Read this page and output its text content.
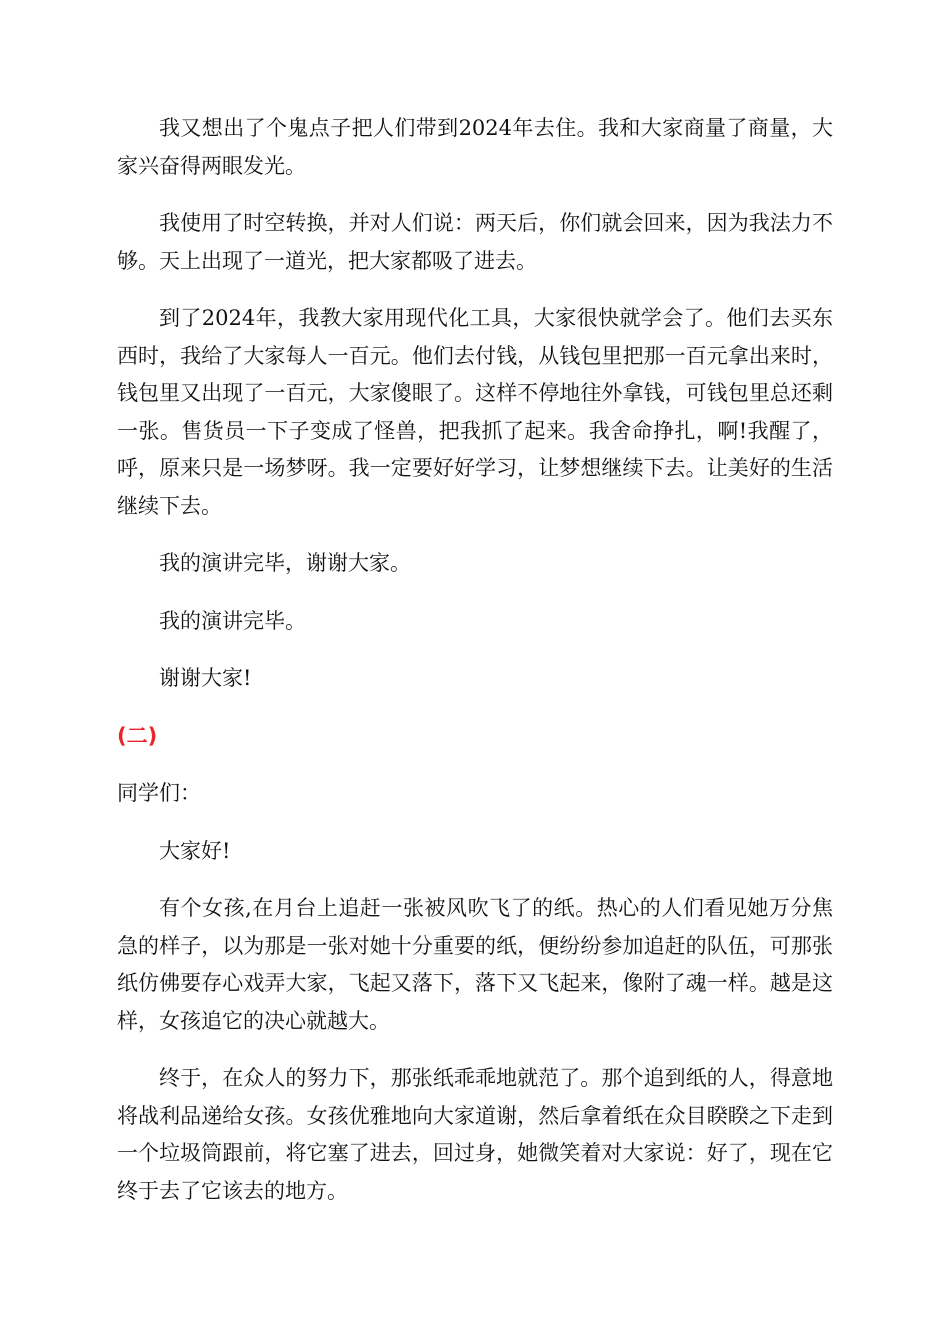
我又想出了个鬼点子把人们带到2024年去住。我和大家商量了商量，大家兴奋得两眼发光。

我使用了时空转换，并对人们说：两天后，你们就会回来，因为我法力不够。天上出现了一道光，把大家都吸了进去。

到了2024年，我教大家用现代化工具，大家很快就学会了。他们去买东西时，我给了大家每人一百元。他们去付钱，从钱包里把那一百元拿出来时，钱包里又出现了一百元，大家傻眼了。这样不停地往外拿钱，可钱包里总还剩一张。售货员一下子变成了怪兽，把我抓了起来。我舍命挣扎，啊!我醒了，呼，原来只是一场梦呀。我一定要好好学习，让梦想继续下去。让美好的生活继续下去。

我的演讲完毕，谢谢大家。

我的演讲完毕。

谢谢大家!

(二)

同学们：

大家好!

有个女孩,在月台上追赶一张被风吹飞了的纸。热心的人们看见她万分焦急的样子，以为那是一张对她十分重要的纸，便纷纷参加追赶的队伍，可那张纸仿佛要存心戏弄大家，飞起又落下，落下又飞起来，像附了魂一样。越是这样，女孩追它的决心就越大。

终于，在众人的努力下，那张纸乖乖地就范了。那个追到纸的人，得意地将战利品递给女孩。女孩优雅地向大家道谢，然后拿着纸在众目睽睽之下走到一个垃圾筒跟前，将它塞了进去，回过身，她微笑着对大家说：好了，现在它终于去了它该去的地方。
